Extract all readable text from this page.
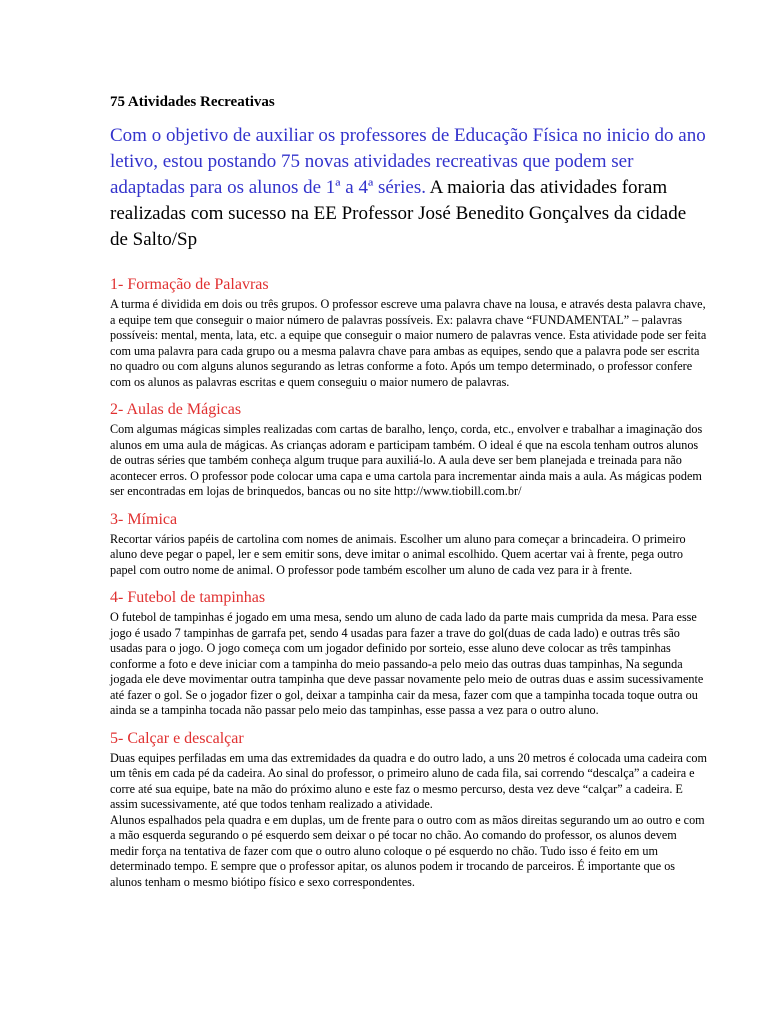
75 Atividades Recreativas
Com o objetivo de auxiliar os professores de Educação Física no inicio do ano letivo, estou postando 75 novas atividades recreativas que podem ser adaptadas para os alunos de 1ª a 4ª séries. A maioria das atividades foram realizadas com sucesso na EE Professor José Benedito Gonçalves da cidade de Salto/Sp
1- Formação de Palavras

A turma é dividida em dois ou três grupos. O professor escreve uma palavra chave na lousa, e através desta palavra chave, a equipe tem que conseguir o maior número de palavras possíveis. Ex: palavra chave “FUNDAMENTAL” – palavras possíveis: mental, menta, lata, etc. a equipe que conseguir o maior numero de palavras vence. Esta atividade pode ser feita com uma palavra para cada grupo ou a mesma palavra chave para ambas as equipes, sendo que a palavra pode ser escrita no quadro ou com alguns alunos segurando as letras conforme a foto. Após um tempo determinado, o professor confere com os alunos as palavras escritas e quem conseguiu o maior numero de palavras.

2- Aulas de Mágicas

Com algumas mágicas simples realizadas com cartas de baralho, lenço, corda, etc., envolver e trabalhar a imaginação dos alunos em uma aula de mágicas. As crianças adoram e participam também. O ideal é que na escola tenham outros alunos de outras séries que também conheça algum truque para auxiliá-lo. A aula deve ser bem planejada e treinada para não acontecer erros. O professor pode colocar uma capa e uma cartola para incrementar ainda mais a aula. As mágicas podem ser encontradas em lojas de brinquedos, bancas ou no site http://www.tiobill.com.br/

3- Mímica

Recortar vários papéis de cartolina com nomes de animais. Escolher um aluno para começar a brincadeira. O primeiro aluno deve pegar o papel, ler e sem emitir sons, deve imitar o animal escolhido. Quem acertar vai à frente, pega outro papel com outro nome de animal. O professor pode também escolher um aluno de cada vez para ir à frente.

4- Futebol de tampinhas

O futebol de tampinhas é jogado em uma mesa, sendo um aluno de cada lado da parte mais cumprida da mesa. Para esse jogo é usado 7 tampinhas de garrafa pet, sendo 4 usadas para fazer a trave do gol(duas de cada lado) e outras três são usadas para o jogo. O jogo começa com um jogador definido por sorteio, esse aluno deve colocar as três tampinhas conforme a foto e deve iniciar com a tampinha do meio passando-a pelo meio das outras duas tampinhas, Na segunda jogada ele deve movimentar outra tampinha que deve passar novamente pelo meio de outras duas e assim sucessivamente até fazer o gol. Se o jogador fizer o gol, deixar a tampinha cair da mesa, fazer com que a tampinha tocada toque outra ou ainda se a tampinha tocada não passar pelo meio das tampinhas, esse passa a vez para o outro aluno.

5- Calçar e descalçar

Duas equipes perfiladas em uma das extremidades da quadra e do outro lado, a uns 20 metros é colocada uma cadeira com um tênis em cada pé da cadeira. Ao sinal do professor, o primeiro aluno de cada fila, sai correndo “descalça” a cadeira e corre até sua equipe, bate na mão do próximo aluno e este faz o mesmo percurso, desta vez deve “calçar” a cadeira. E assim sucessivamente, até que todos tenham realizado a atividade.

Alunos espalhados pela quadra e em duplas, um de frente para o outro com as mãos direitas segurando um ao outro e com a mão esquerda segurando o pé esquerdo sem deixar o pé tocar no chão. Ao comando do professor, os alunos devem medir força na tentativa de fazer com que o outro aluno coloque o pé esquerdo no chão. Tudo isso é feito em um determinado tempo. E sempre que o professor apitar, os alunos podem ir trocando de parceiros. É importante que os alunos tenham o mesmo biótipo físico e sexo correspondentes.
